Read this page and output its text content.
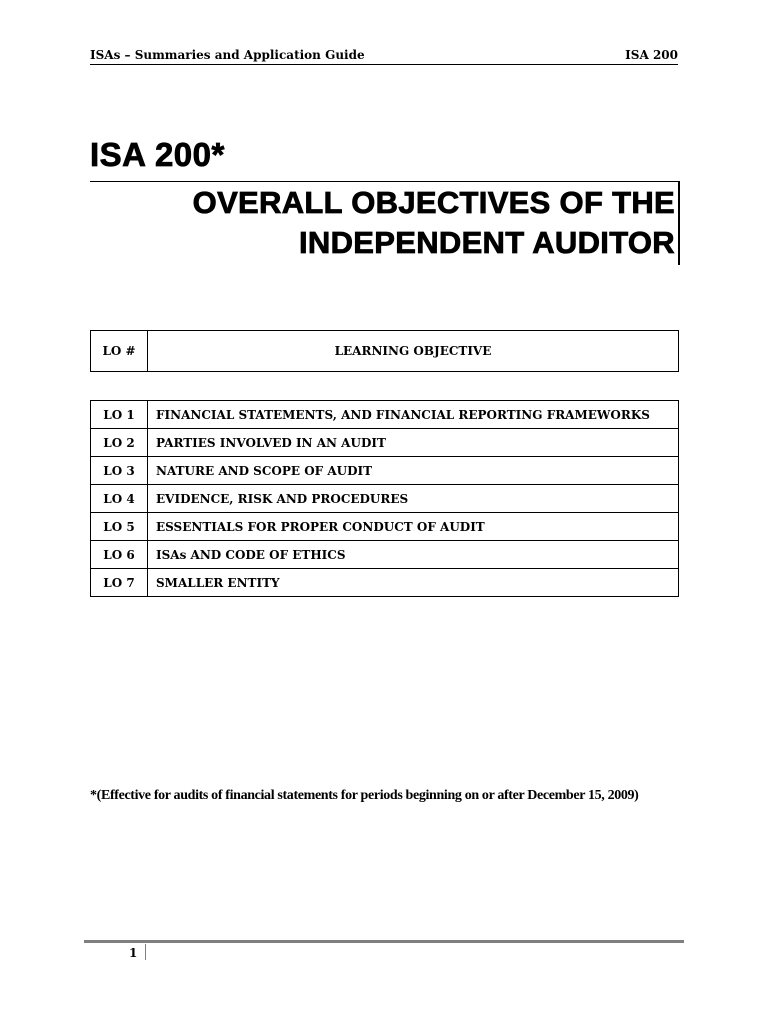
ISAs – Summaries and Application Guide	ISA 200
ISA 200*
OVERALL OBJECTIVES OF THE
INDEPENDENT AUDITOR
LO #	LEARNING OBJECTIVE
LO 1	FINANCIAL STATEMENTS, AND FINANCIAL REPORTING FRAMEWORKS
LO 2	PARTIES INVOLVED IN AN AUDIT
LO 3	NATURE AND SCOPE OF AUDIT
LO 4	EVIDENCE, RISK AND PROCEDURES
LO 5	ESSENTIALS FOR PROPER CONDUCT OF AUDIT
LO 6	ISAs AND CODE OF ETHICS
LO 7	SMALLER ENTITY
*(Effective for audits of financial statements for periods beginning on or after December 15, 2009)
1
